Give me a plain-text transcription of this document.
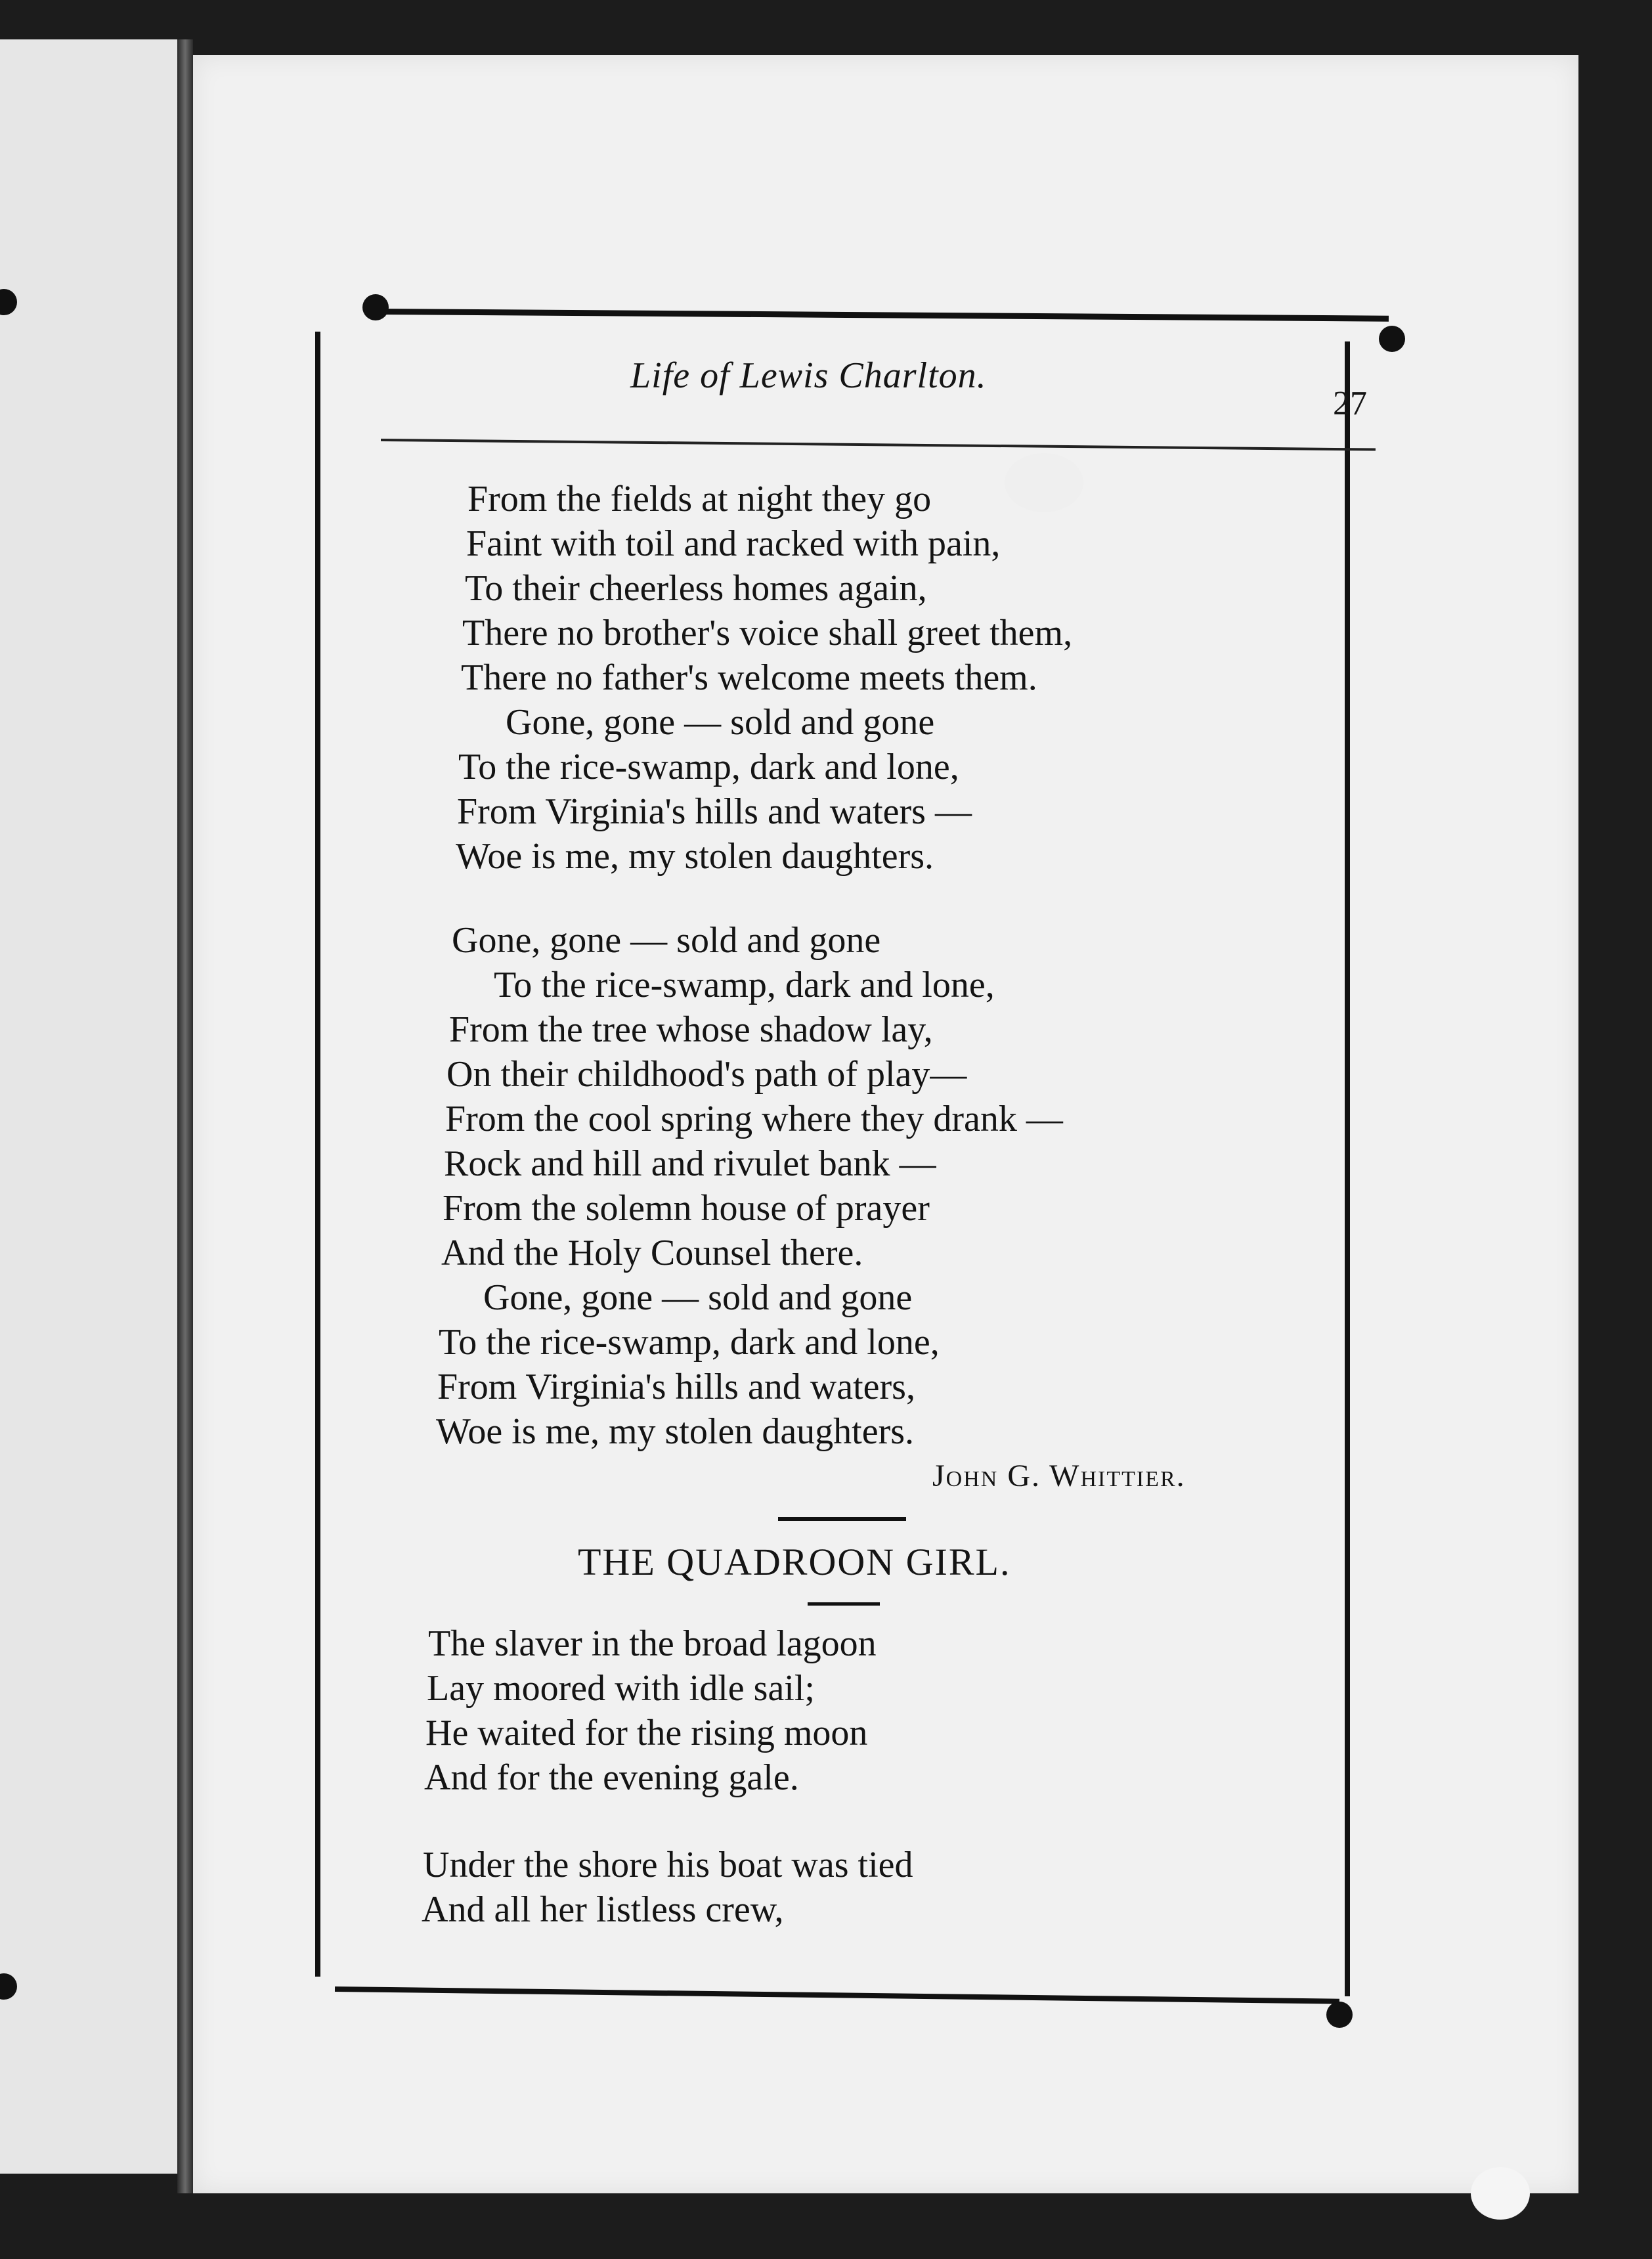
Life of Lewis Charlton.
27
From the fields at night they go
Faint with toil and racked with pain,
To their cheerless homes again,
There no brother's voice shall greet them,
There no father's welcome meets them.
Gone, gone — sold and gone
To the rice-swamp, dark and lone,
From Virginia's hills and waters —
Woe is me, my stolen daughters.
Gone, gone — sold and gone
To the rice-swamp, dark and lone,
From the tree whose shadow lay,
On their childhood's path of play—
From the cool spring where they drank —
Rock and hill and rivulet bank —
From the solemn house of prayer
And the Holy Counsel there.
Gone, gone — sold and gone
To the rice-swamp, dark and lone,
From Virginia's hills and waters,
Woe is me, my stolen daughters.
John G. Whittier.
THE QUADROON GIRL.
The slaver in the broad lagoon
Lay moored with idle sail;
He waited for the rising moon
And for the evening gale.
Under the shore his boat was tied
And all her listless crew,
